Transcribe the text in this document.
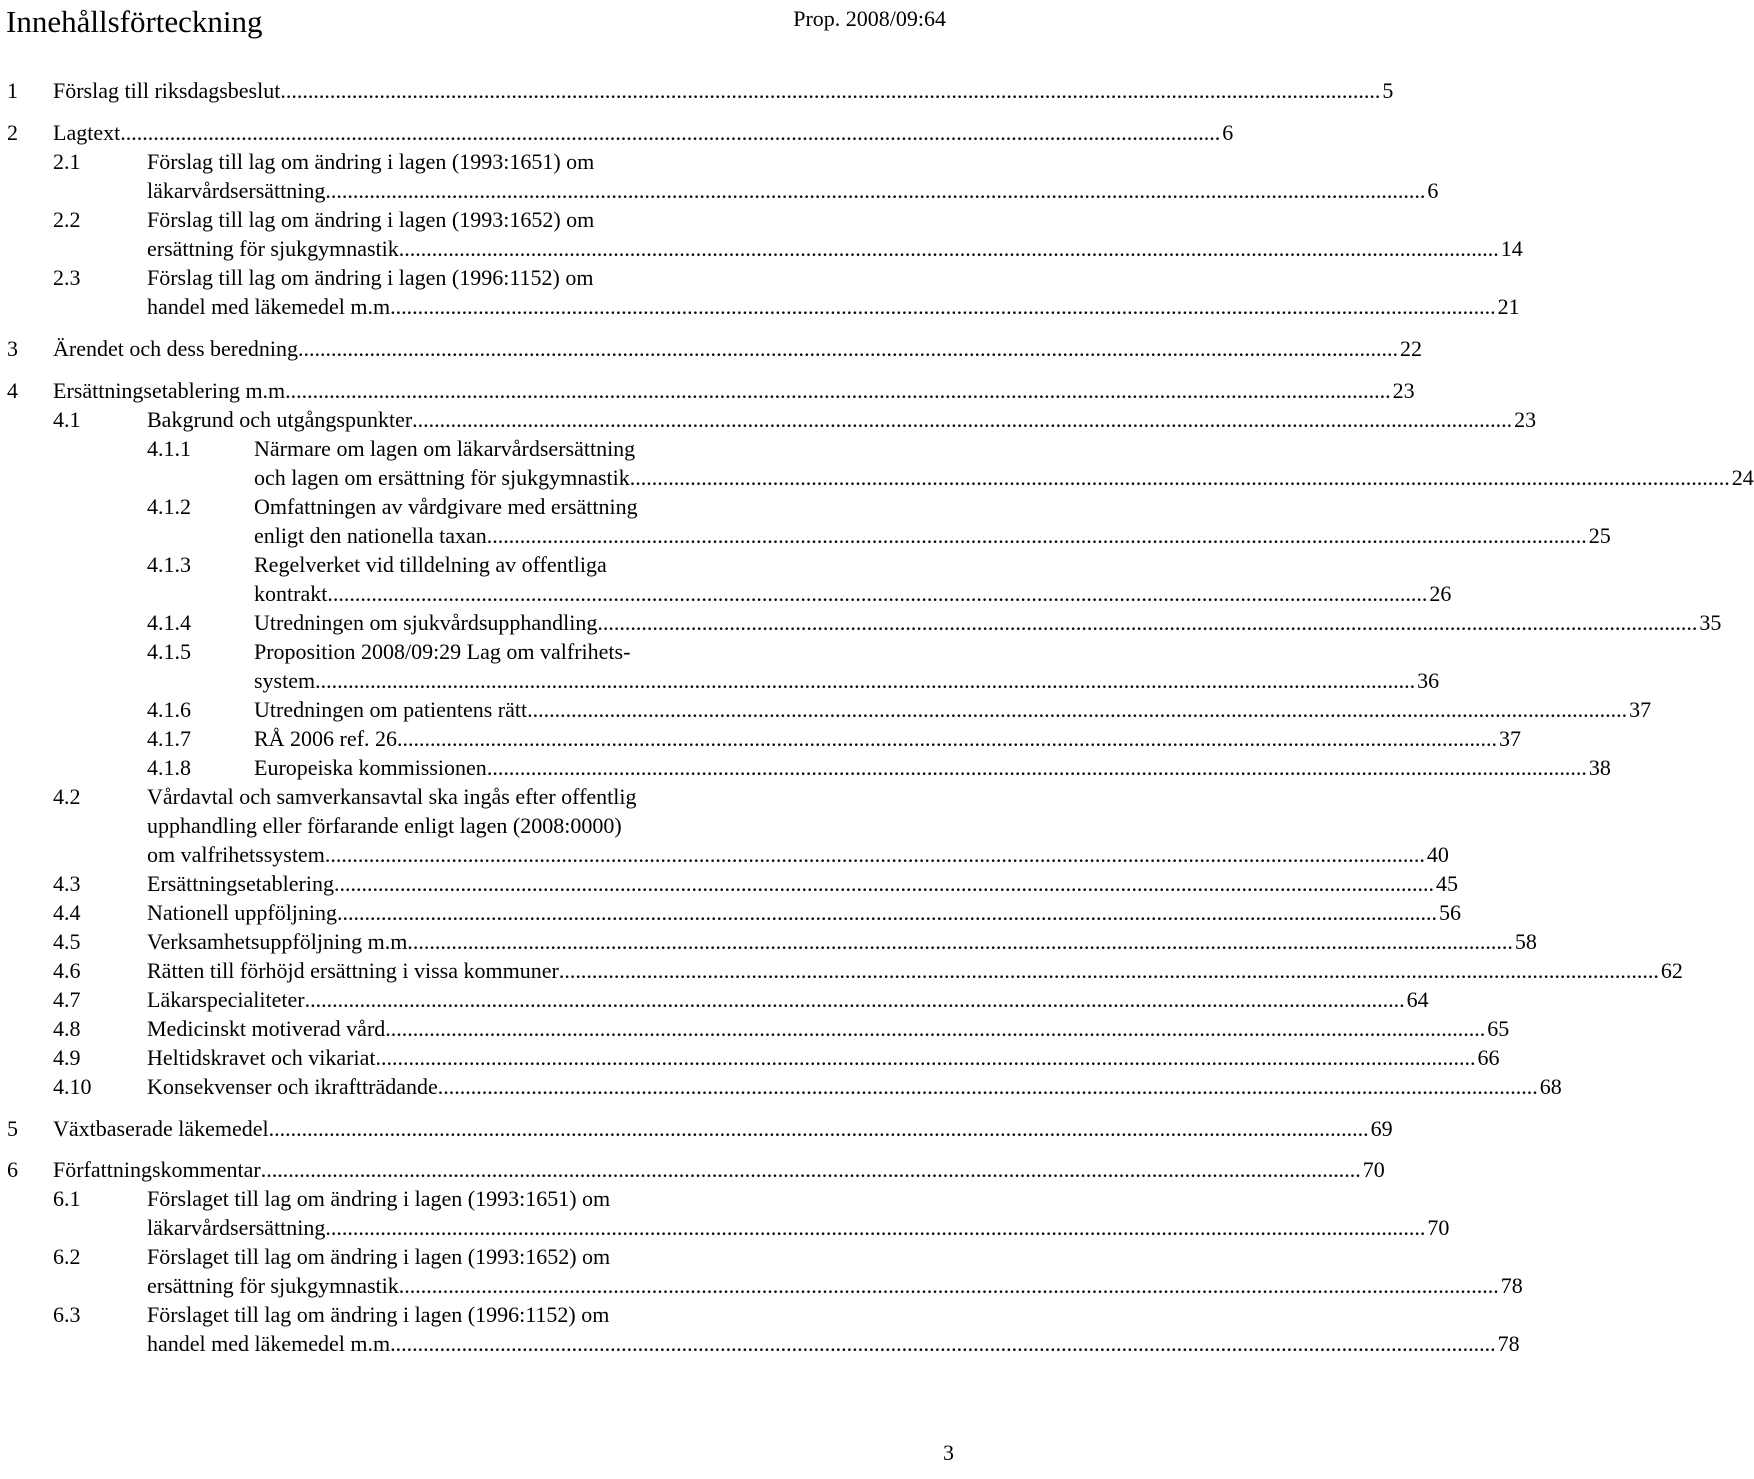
Innehållsförteckning	Prop. 2008/09:64
1 Förslag till riksdagsbeslut ........................................................................................................................................................................................................ 5
2 Lagtext ........................................................................................................................................................................................................ 6
2.1	Förslag till lag om ändring i lagen (1993:1651) om
läkarvårdsersättning ........................................................................................................................................................................................................ 6
2.2	Förslag till lag om ändring i lagen (1993:1652) om
ersättning för sjukgymnastik ........................................................................................................................................................................................................ 14
2.3	Förslag till lag om ändring i lagen (1996:1152) om
handel med läkemedel m.m. ........................................................................................................................................................................................................ 21
3 Ärendet och dess beredning ........................................................................................................................................................................................................ 22
4 Ersättningsetablering m.m. ........................................................................................................................................................................................................ 23
4.1	Bakgrund och utgångspunkter ........................................................................................................................................................................................................ 23
4.1.1	Närmare om lagen om läkarvårdsersättning
och lagen om ersättning för sjukgymnastik ........................................................................................................................................................................................................ 24
4.1.2	Omfattningen av vårdgivare med ersättning
enligt den nationella taxan ........................................................................................................................................................................................................ 25
4.1.3	Regelverket vid tilldelning av offentliga
kontrakt ........................................................................................................................................................................................................ 26
4.1.4	Utredningen om sjukvårdsupphandling ........................................................................................................................................................................................................ 35
4.1.5	Proposition 2008/09:29 Lag om valfrihets-
system ........................................................................................................................................................................................................ 36
4.1.6	Utredningen om patientens rätt ........................................................................................................................................................................................................ 37
4.1.7	RÅ 2006 ref. 26 ........................................................................................................................................................................................................ 37
4.1.8	Europeiska kommissionen ........................................................................................................................................................................................................ 38
4.2	Vårdavtal och samverkansavtal ska ingås efter offentlig
upphandling eller förfarande enligt lagen (2008:0000)
om valfrihetssystem ........................................................................................................................................................................................................ 40
4.3	Ersättningsetablering ........................................................................................................................................................................................................ 45
4.4	Nationell uppföljning ........................................................................................................................................................................................................ 56
4.5	Verksamhetsuppföljning m.m. ........................................................................................................................................................................................................ 58
4.6	Rätten till förhöjd ersättning i vissa kommuner ........................................................................................................................................................................................................ 62
4.7	Läkarspecialiteter ........................................................................................................................................................................................................ 64
4.8	Medicinskt motiverad vård ........................................................................................................................................................................................................ 65
4.9	Heltidskravet och vikariat ........................................................................................................................................................................................................ 66
4.10	Konsekvenser och ikraftträdande ........................................................................................................................................................................................................ 68
5 Växtbaserade läkemedel ........................................................................................................................................................................................................ 69
6 Författningskommentar ........................................................................................................................................................................................................ 70
6.1	Förslaget till lag om ändring i lagen (1993:1651) om
läkarvårdsersättning ........................................................................................................................................................................................................ 70
6.2	Förslaget till lag om ändring i lagen (1993:1652) om
ersättning för sjukgymnastik ........................................................................................................................................................................................................ 78
6.3	Förslaget till lag om ändring i lagen (1996:1152) om
handel med läkemedel m.m. ........................................................................................................................................................................................................ 78
3
